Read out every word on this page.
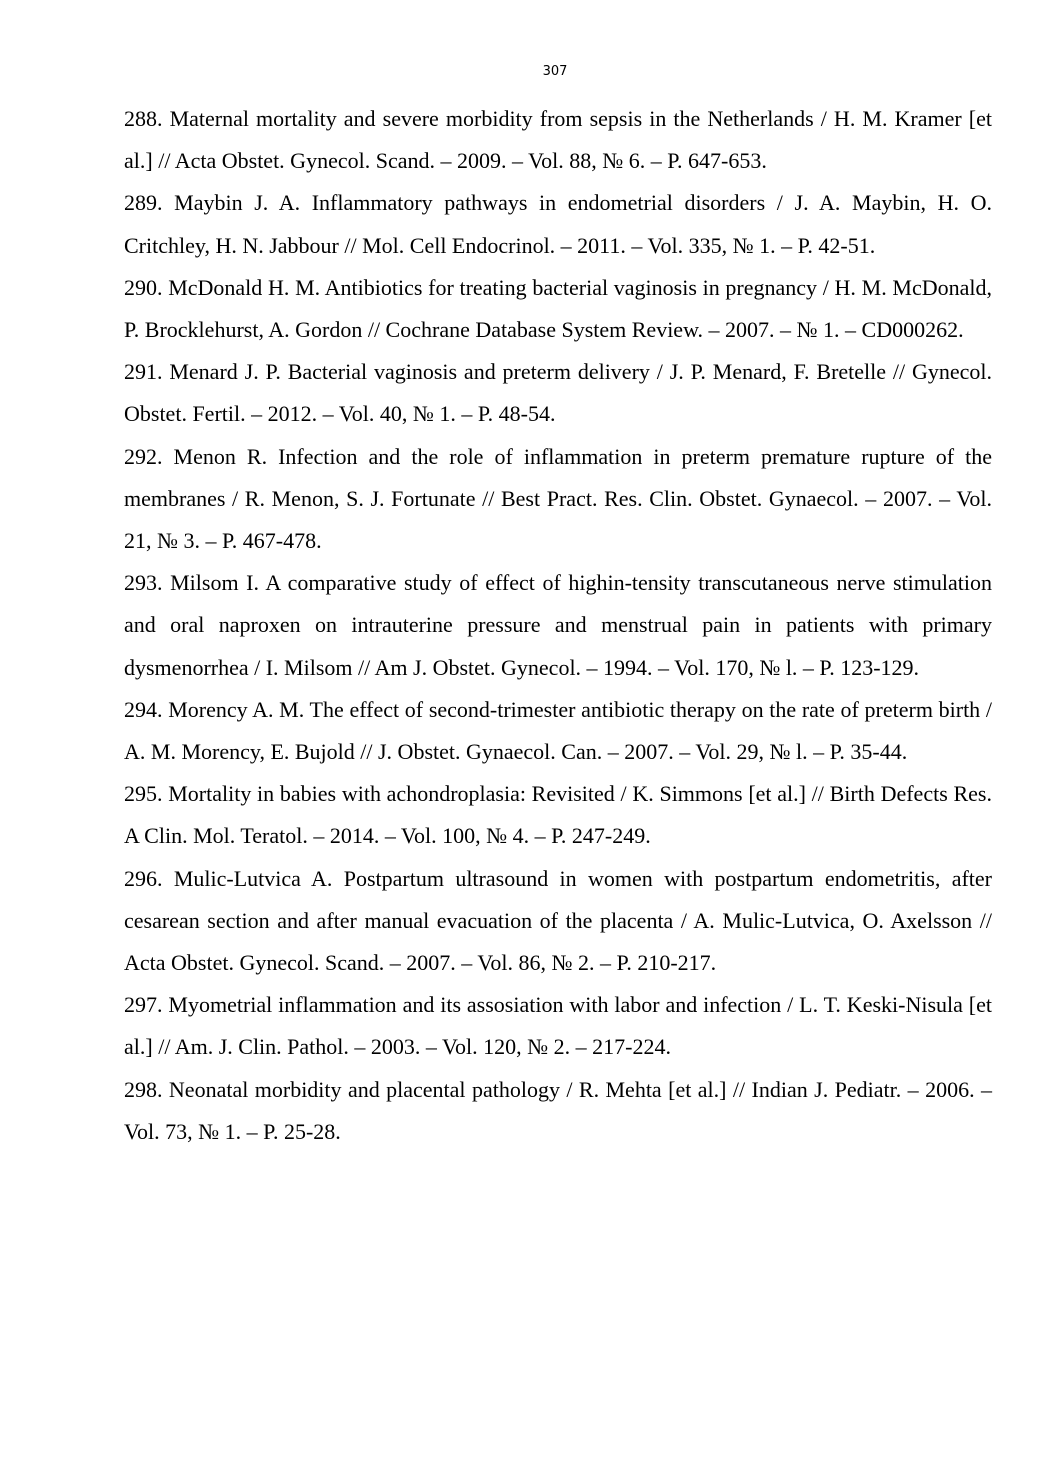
307

288. Maternal mortality and severe morbidity from sepsis in the Netherlands / H. M. Kramer [et al.] // Acta Obstet. Gynecol. Scand. – 2009. – Vol. 88, № 6. – P. 647-653.

289. Maybin J. A. Inflammatory pathways in endometrial disorders / J. A. Maybin, H. O. Critchley, H. N. Jabbour // Mol. Cell Endocrinol. – 2011. – Vol. 335, № 1. – P. 42-51.

290. McDonald H. M. Antibiotics for treating bacterial vaginosis in pregnancy / H. M. McDonald, P. Brocklehurst, A. Gordon // Cochrane Database System Review. – 2007. – № 1. – CD000262.

291. Menard J. P. Bacterial vaginosis and preterm delivery / J. P. Menard, F. Bretelle // Gynecol. Obstet. Fertil. – 2012. – Vol. 40, № 1. – P. 48-54.

292. Menon R. Infection and the role of inflammation in preterm premature rupture of the membranes / R. Menon, S. J. Fortunate // Best Pract. Res. Clin. Obstet. Gynaecol. – 2007. – Vol. 21, № 3. – P. 467-478.

293. Milsom I. A comparative study of effect of highin-tensity transcutaneous nerve stimulation and oral naproxen on intrauterine pressure and menstrual pain in patients with primary dysmenorrhea / I. Milsom // Am J. Obstet. Gynecol. – 1994. – Vol. 170, № l. – P. 123-129.

294. Morency A. M. The effect of second-trimester antibiotic therapy on the rate of preterm birth / A. M. Morency, E. Bujold // J. Obstet. Gynaecol. Can. – 2007. – Vol. 29, № l. – P. 35-44.

295. Mortality in babies with achondroplasia: Revisited / K. Simmons [et al.] // Birth Defects Res. A Clin. Mol. Teratol. – 2014. – Vol. 100, № 4. – P. 247-249.

296. Mulic-Lutvica A. Postpartum ultrasound in women with postpartum endometritis, after cesarean section and after manual evacuation of the placenta / A. Mulic-Lutvica, O. Axelsson // Acta Obstet. Gynecol. Scand. – 2007. – Vol. 86, № 2. – P. 210-217.

297. Myometrial inflammation and its assosiation with labor and infection / L. T. Keski-Nisula [et al.] // Am. J. Clin. Pathol. – 2003. – Vol. 120, № 2. – 217-224.

298. Neonatal morbidity and placental pathology / R. Mehta [et al.] // Indian J. Pediatr. – 2006. – Vol. 73, № 1. – P. 25-28.
